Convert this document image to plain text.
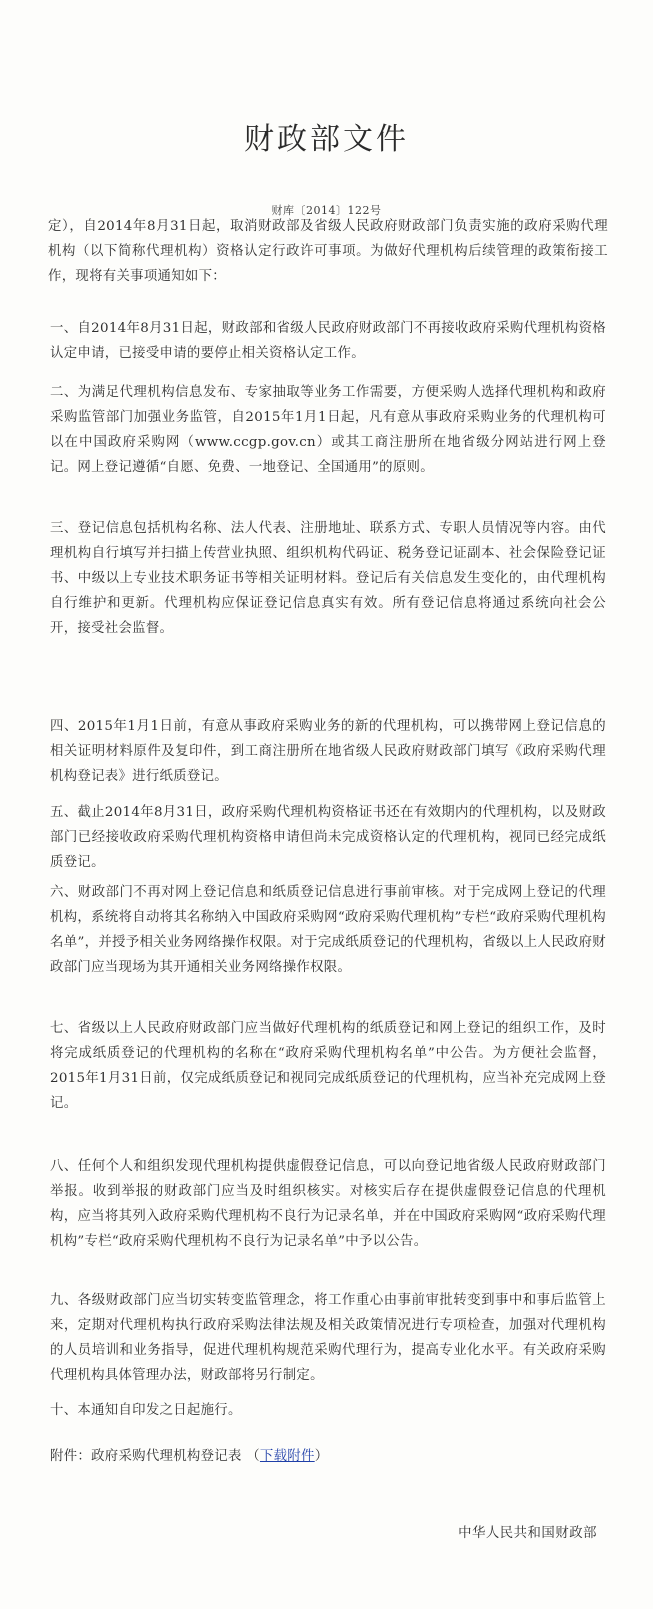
财政部文件
财库〔2014〕122号

定），自2014年8月31日起，取消财政部及省级人民政府财政部门负责实施的政府采购代理机构（以下简称代理机构）资格认定行政许可事项。为做好代理机构后续管理的政策衔接工作，现将有关事项通知如下：

一、自2014年8月31日起，财政部和省级人民政府财政部门不再接收政府采购代理机构资格认定申请，已接受申请的要停止相关资格认定工作。

二、为满足代理机构信息发布、专家抽取等业务工作需要，方便采购人选择代理机构和政府采购监管部门加强业务监管，自2015年1月1日起，凡有意从事政府采购业务的代理机构可以在中国政府采购网（www.ccgp.gov.cn）或其工商注册所在地省级分网站进行网上登记。网上登记遵循“自愿、免费、一地登记、全国通用”的原则。

三、登记信息包括机构名称、法人代表、注册地址、联系方式、专职人员情况等内容。由代理机构自行填写并扫描上传营业执照、组织机构代码证、税务登记证副本、社会保险登记证书、中级以上专业技术职务证书等相关证明材料。登记后有关信息发生变化的，由代理机构自行维护和更新。代理机构应保证登记信息真实有效。所有登记信息将通过系统向社会公开，接受社会监督。

四、2015年1月1日前，有意从事政府采购业务的新的代理机构，可以携带网上登记信息的相关证明材料原件及复印件，到工商注册所在地省级人民政府财政部门填写《政府采购代理机构登记表》进行纸质登记。

五、截止2014年8月31日，政府采购代理机构资格证书还在有效期内的代理机构，以及财政部门已经接收政府采购代理机构资格申请但尚未完成资格认定的代理机构，视同已经完成纸质登记。

六、财政部门不再对网上登记信息和纸质登记信息进行事前审核。对于完成网上登记的代理机构，系统将自动将其名称纳入中国政府采购网“政府采购代理机构”专栏“政府采购代理机构名单”，并授予相关业务网络操作权限。对于完成纸质登记的代理机构，省级以上人民政府财政部门应当现场为其开通相关业务网络操作权限。

七、省级以上人民政府财政部门应当做好代理机构的纸质登记和网上登记的组织工作，及时将完成纸质登记的代理机构的名称在“政府采购代理机构名单”中公告。为方便社会监督，2015年1月31日前，仅完成纸质登记和视同完成纸质登记的代理机构，应当补充完成网上登记。

八、任何个人和组织发现代理机构提供虚假登记信息，可以向登记地省级人民政府财政部门举报。收到举报的财政部门应当及时组织核实。对核实后存在提供虚假登记信息的代理机构，应当将其列入政府采购代理机构不良行为记录名单，并在中国政府采购网“政府采购代理机构”专栏“政府采购代理机构不良行为记录名单”中予以公告。

九、各级财政部门应当切实转变监管理念，将工作重心由事前审批转变到事中和事后监管上来，定期对代理机构执行政府采购法律法规及相关政策情况进行专项检查，加强对代理机构的人员培训和业务指导，促进代理机构规范采购代理行为，提高专业化水平。有关政府采购代理机构具体管理办法，财政部将另行制定。

十、本通知自印发之日起施行。

附件：政府采购代理机构登记表 （下载附件）
中华人民共和国财政部
